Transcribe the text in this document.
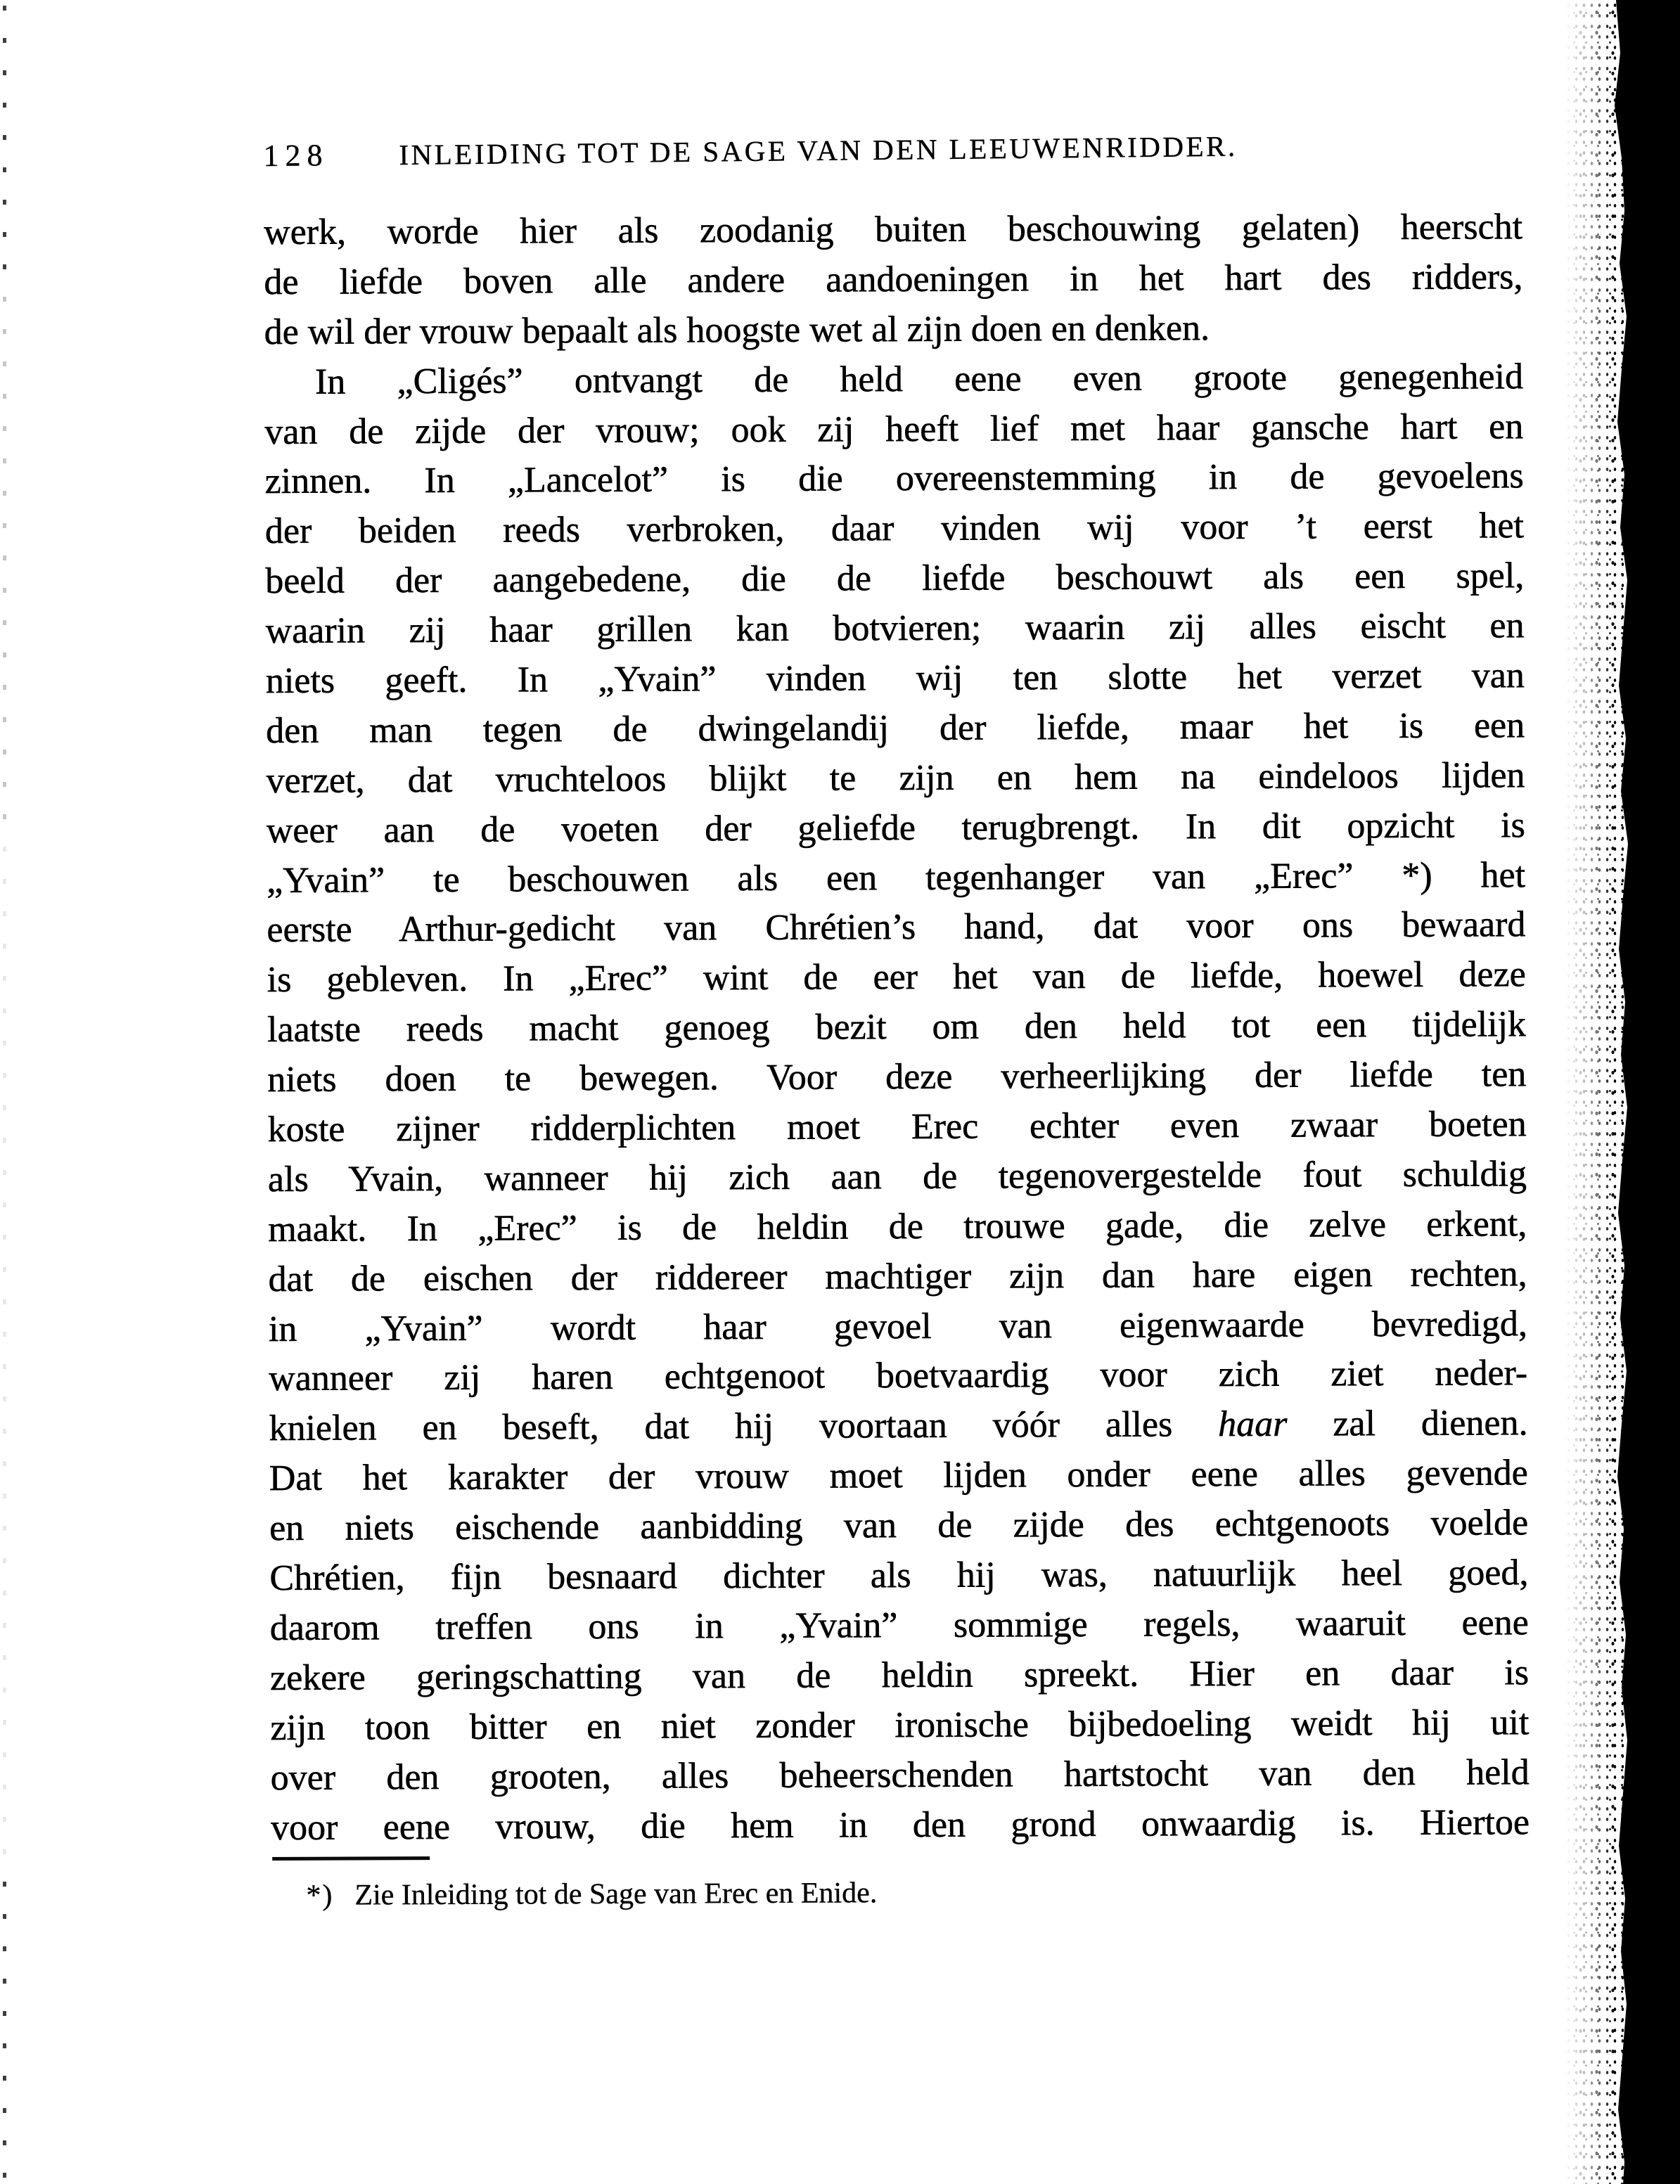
128 INLEIDING TOT DE SAGE VAN DEN LEEUWENRIDDER.
werk, worde hier als zoodanig buiten beschouwing gelaten) heerscht
de liefde boven alle andere aandoeningen in het hart des ridders,
de wil der vrouw bepaalt als hoogste wet al zijn doen en denken.
In „Cligés” ontvangt de held eene even groote genegenheid
van de zijde der vrouw; ook zij heeft lief met haar gansche hart en
zinnen. In „Lancelot” is die overeenstemming in de gevoelens
der beiden reeds verbroken, daar vinden wij voor ’t eerst het
beeld der aangebedene, die de liefde beschouwt als een spel,
waarin zij haar grillen kan botvieren; waarin zij alles eischt en
niets geeft. In „Yvain” vinden wij ten slotte het verzet van
den man tegen de dwingelandij der liefde, maar het is een
verzet, dat vruchteloos blijkt te zijn en hem na eindeloos lijden
weer aan de voeten der geliefde terugbrengt. In dit opzicht is
„Yvain” te beschouwen als een tegenhanger van „Erec” *) het
eerste Arthur-gedicht van Chrétien’s hand, dat voor ons bewaard
is gebleven. In „Erec” wint de eer het van de liefde, hoewel deze
laatste reeds macht genoeg bezit om den held tot een tijdelijk
niets doen te bewegen. Voor deze verheerlijking der liefde ten
koste zijner ridderplichten moet Erec echter even zwaar boeten
als Yvain, wanneer hij zich aan de tegenovergestelde fout schuldig
maakt. In „Erec” is de heldin de trouwe gade, die zelve erkent,
dat de eischen der riddereer machtiger zijn dan hare eigen rechten,
in „Yvain” wordt haar gevoel van eigenwaarde bevredigd,
wanneer zij haren echtgenoot boetvaardig voor zich ziet neder-
knielen en beseft, dat hij voortaan vóór alles haar zal dienen.
Dat het karakter der vrouw moet lijden onder eene alles gevende
en niets eischende aanbidding van de zijde des echtgenoots voelde
Chrétien, fijn besnaard dichter als hij was, natuurlijk heel goed,
daarom treffen ons in „Yvain” sommige regels, waaruit eene
zekere geringschatting van de heldin spreekt. Hier en daar is
zijn toon bitter en niet zonder ironische bijbedoeling weidt hij uit
over den grooten, alles beheerschenden hartstocht van den held
voor eene vrouw, die hem in den grond onwaardig is. Hiertoe
*) Zie Inleiding tot de Sage van Erec en Enide.
